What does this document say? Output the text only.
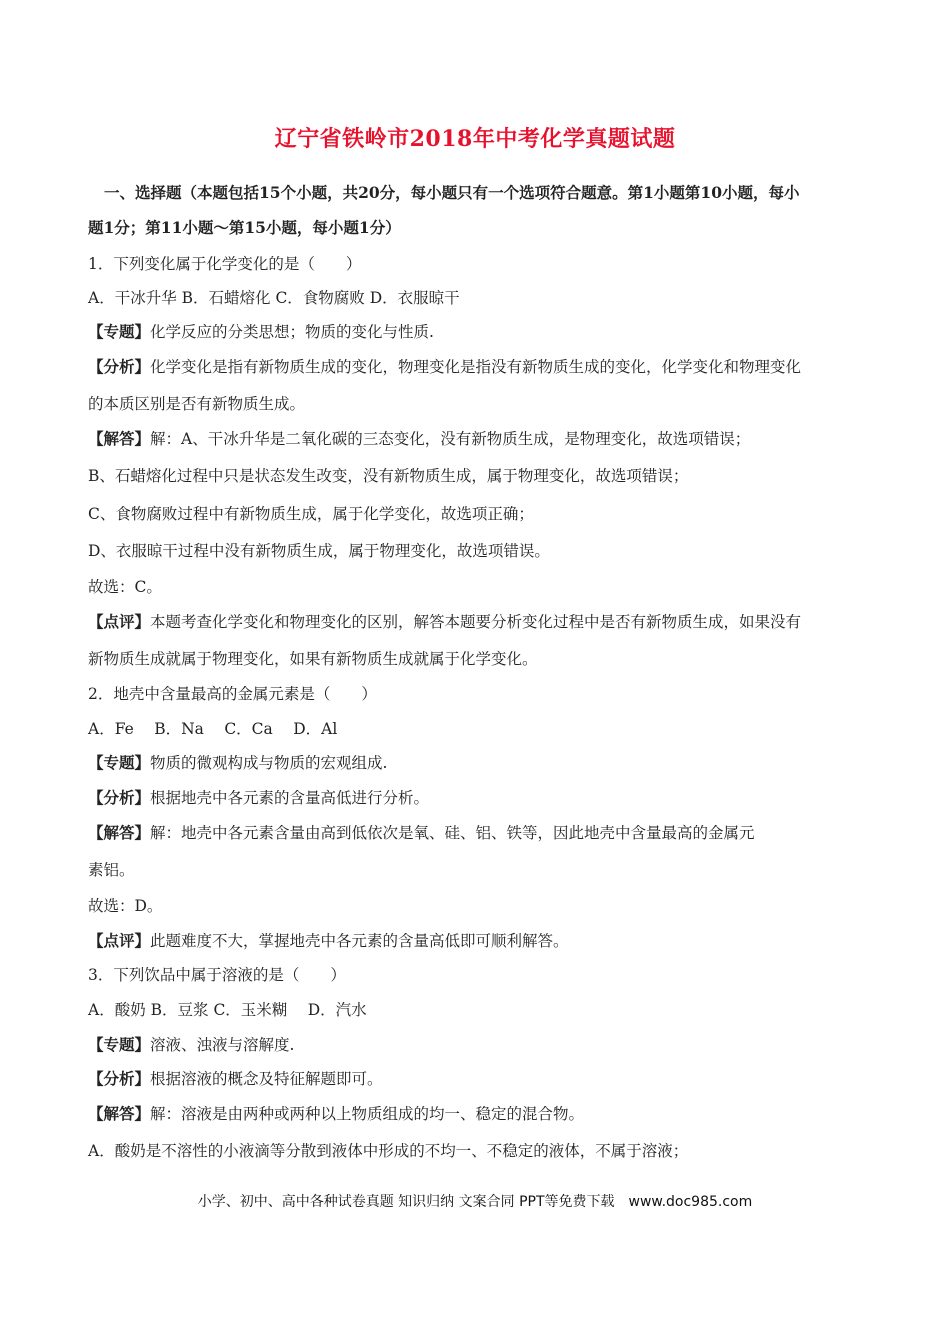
辽宁省铁岭市2018年中考化学真题试题
一、选择题（本题包括15个小题，共20分，每小题只有一个选项符合题意。第1小题第10小题，每小
题1分；第11小题～第15小题，每小题1分）
1．下列变化属于化学变化的是（　　）
A．干冰升华 B．石蜡熔化 C．食物腐败 D．衣服晾干
【专题】化学反应的分类思想；物质的变化与性质.
【分析】化学变化是指有新物质生成的变化，物理变化是指没有新物质生成的变化，化学变化和物理变化
的本质区别是否有新物质生成。
【解答】解：A、干冰升华是二氧化碳的三态变化，没有新物质生成，是物理变化，故选项错误；
B、石蜡熔化过程中只是状态发生改变，没有新物质生成，属于物理变化，故选项错误；
C、食物腐败过程中有新物质生成，属于化学变化，故选项正确；
D、衣服晾干过程中没有新物质生成，属于物理变化，故选项错误。
故选：C。
【点评】本题考查化学变化和物理变化的区别，解答本题要分析变化过程中是否有新物质生成，如果没有
新物质生成就属于物理变化，如果有新物质生成就属于化学变化。
2．地壳中含量最高的金属元素是（　　）
A．Fe　 B．Na　 C．Ca　 D．Al
【专题】物质的微观构成与物质的宏观组成.
【分析】根据地壳中各元素的含量高低进行分析。
【解答】解：地壳中各元素含量由高到低依次是氧、硅、铝、铁等，因此地壳中含量最高的金属元
素铝。
故选：D。
【点评】此题难度不大，掌握地壳中各元素的含量高低即可顺利解答。
3．下列饮品中属于溶液的是（　　）
A．酸奶 B．豆浆 C．玉米糊　 D．汽水
【专题】溶液、浊液与溶解度.
【分析】根据溶液的概念及特征解题即可。
【解答】解：溶液是由两种或两种以上物质组成的均一、稳定的混合物。
A．酸奶是不溶性的小液滴等分散到液体中形成的不均一、不稳定的液体，不属于溶液；
小学、初中、高中各种试卷真题 知识归纳 文案合同 PPT等免费下载　www.doc985.com
